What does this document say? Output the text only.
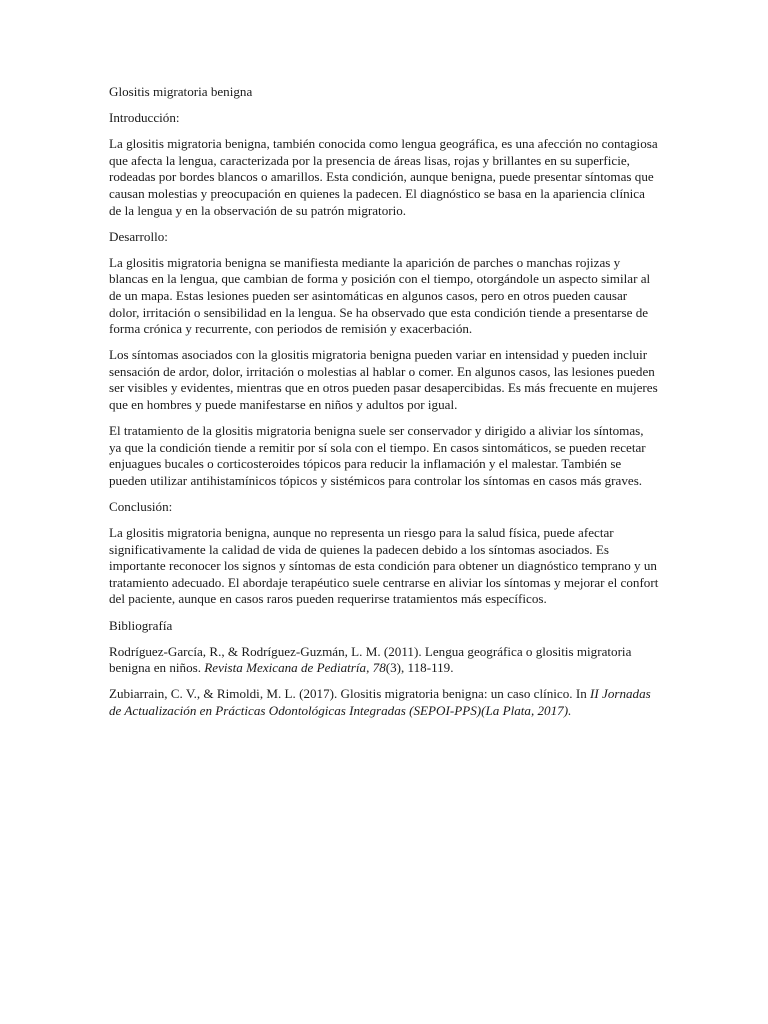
Glositis migratoria benigna

Introducción:

La glositis migratoria benigna, también conocida como lengua geográfica, es una afección no contagiosa que afecta la lengua, caracterizada por la presencia de áreas lisas, rojas y brillantes en su superficie, rodeadas por bordes blancos o amarillos. Esta condición, aunque benigna, puede presentar síntomas que causan molestias y preocupación en quienes la padecen. El diagnóstico se basa en la apariencia clínica de la lengua y en la observación de su patrón migratorio.

Desarrollo:

La glositis migratoria benigna se manifiesta mediante la aparición de parches o manchas rojizas y blancas en la lengua, que cambian de forma y posición con el tiempo, otorgándole un aspecto similar al de un mapa. Estas lesiones pueden ser asintomáticas en algunos casos, pero en otros pueden causar dolor, irritación o sensibilidad en la lengua. Se ha observado que esta condición tiende a presentarse de forma crónica y recurrente, con periodos de remisión y exacerbación.

Los síntomas asociados con la glositis migratoria benigna pueden variar en intensidad y pueden incluir sensación de ardor, dolor, irritación o molestias al hablar o comer. En algunos casos, las lesiones pueden ser visibles y evidentes, mientras que en otros pueden pasar desapercibidas. Es más frecuente en mujeres que en hombres y puede manifestarse en niños y adultos por igual.

El tratamiento de la glositis migratoria benigna suele ser conservador y dirigido a aliviar los síntomas, ya que la condición tiende a remitir por sí sola con el tiempo. En casos sintomáticos, se pueden recetar enjuagues bucales o corticosteroides tópicos para reducir la inflamación y el malestar. También se pueden utilizar antihistamínicos tópicos y sistémicos para controlar los síntomas en casos más graves.

Conclusión:

La glositis migratoria benigna, aunque no representa un riesgo para la salud física, puede afectar significativamente la calidad de vida de quienes la padecen debido a los síntomas asociados. Es importante reconocer los signos y síntomas de esta condición para obtener un diagnóstico temprano y un tratamiento adecuado. El abordaje terapéutico suele centrarse en aliviar los síntomas y mejorar el confort del paciente, aunque en casos raros pueden requerirse tratamientos más específicos.

Bibliografía

Rodríguez-García, R., & Rodríguez-Guzmán, L. M. (2011). Lengua geográfica o glositis migratoria benigna en niños. Revista Mexicana de Pediatría, 78(3), 118-119.

Zubiarrain, C. V., & Rimoldi, M. L. (2017). Glositis migratoria benigna: un caso clínico. In II Jornadas de Actualización en Prácticas Odontológicas Integradas (SEPOI-PPS)(La Plata, 2017).
